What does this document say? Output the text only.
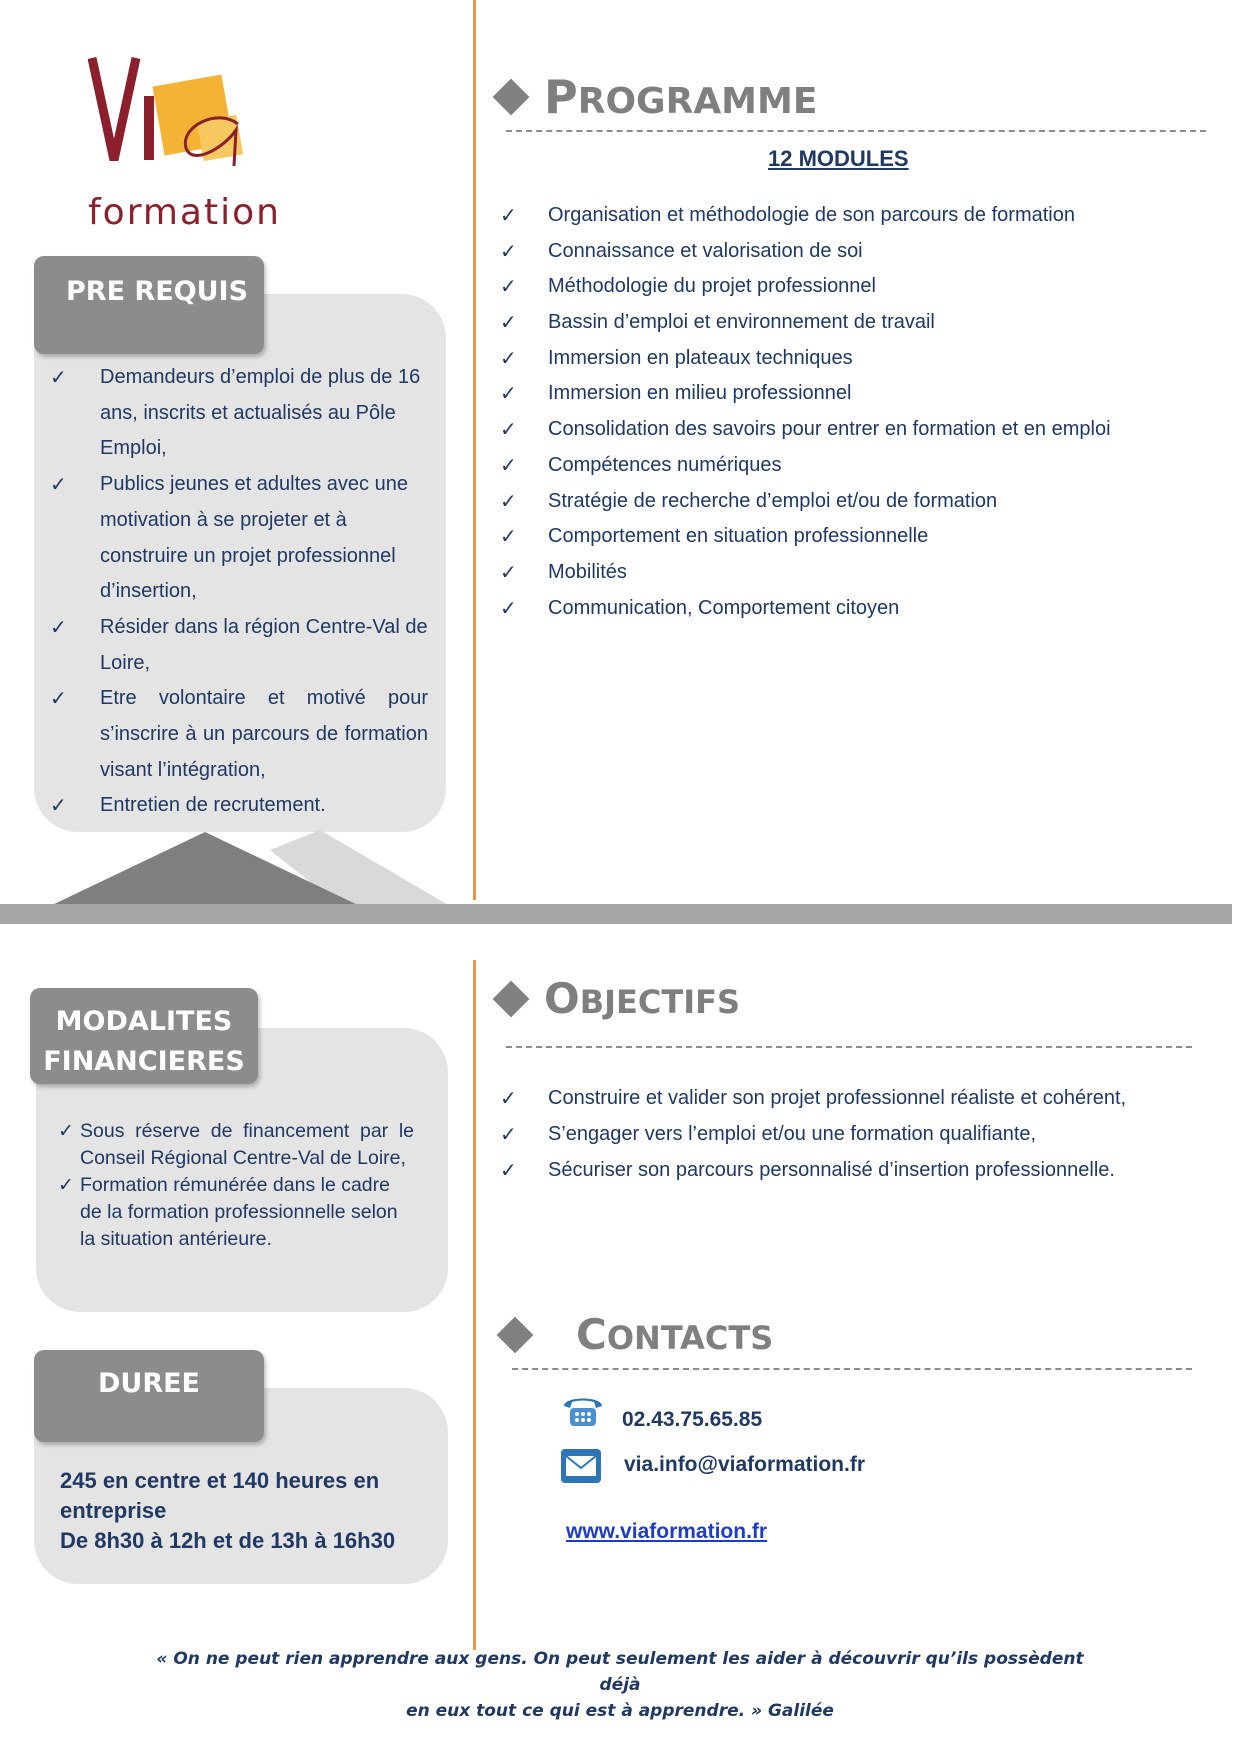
formation
PRE REQUIS
✓ Demandeurs d’emploi de plus de 16 ans, inscrits et actualisés au Pôle Emploi,
✓ Publics jeunes et adultes avec une motivation à se projeter et à construire un projet professionnel d’insertion,
✓ Résider dans la région Centre-Val de Loire,
✓ Etre volontaire et motivé pour s’inscrire à un parcours de formation visant l’intégration,
✓ Entretien de recrutement.
PROGRAMME
12 MODULES
✓ Organisation et méthodologie de son parcours de formation
✓ Connaissance et valorisation de soi
✓ Méthodologie du projet professionnel
✓ Bassin d’emploi et environnement de travail
✓ Immersion en plateaux techniques
✓ Immersion en milieu professionnel
✓ Consolidation des savoirs pour entrer en formation et en emploi
✓ Compétences numériques
✓ Stratégie de recherche d’emploi et/ou de formation
✓ Comportement en situation professionnelle
✓ Mobilités
✓ Communication, Comportement citoyen
MODALITES
FINANCIERES
✓ Sous réserve de financement par le Conseil Régional Centre-Val de Loire,
✓ Formation rémunérée dans le cadre de la formation professionnelle selon la situation antérieure.
OBJECTIFS
✓ Construire et valider son projet professionnel réaliste et cohérent,
✓ S’engager vers l’emploi et/ou une formation qualifiante,
✓ Sécuriser son parcours personnalisé d’insertion professionnelle.
DUREE
245 en centre et 140 heures en
entreprise
De 8h30 à 12h et de 13h à 16h30
CONTACTS
02.43.75.65.85
via.info@viaformation.fr
www.viaformation.fr
« On ne peut rien apprendre aux gens. On peut seulement les aider à découvrir qu’ils possèdent déjà
en eux tout ce qui est à apprendre. » Galilée
